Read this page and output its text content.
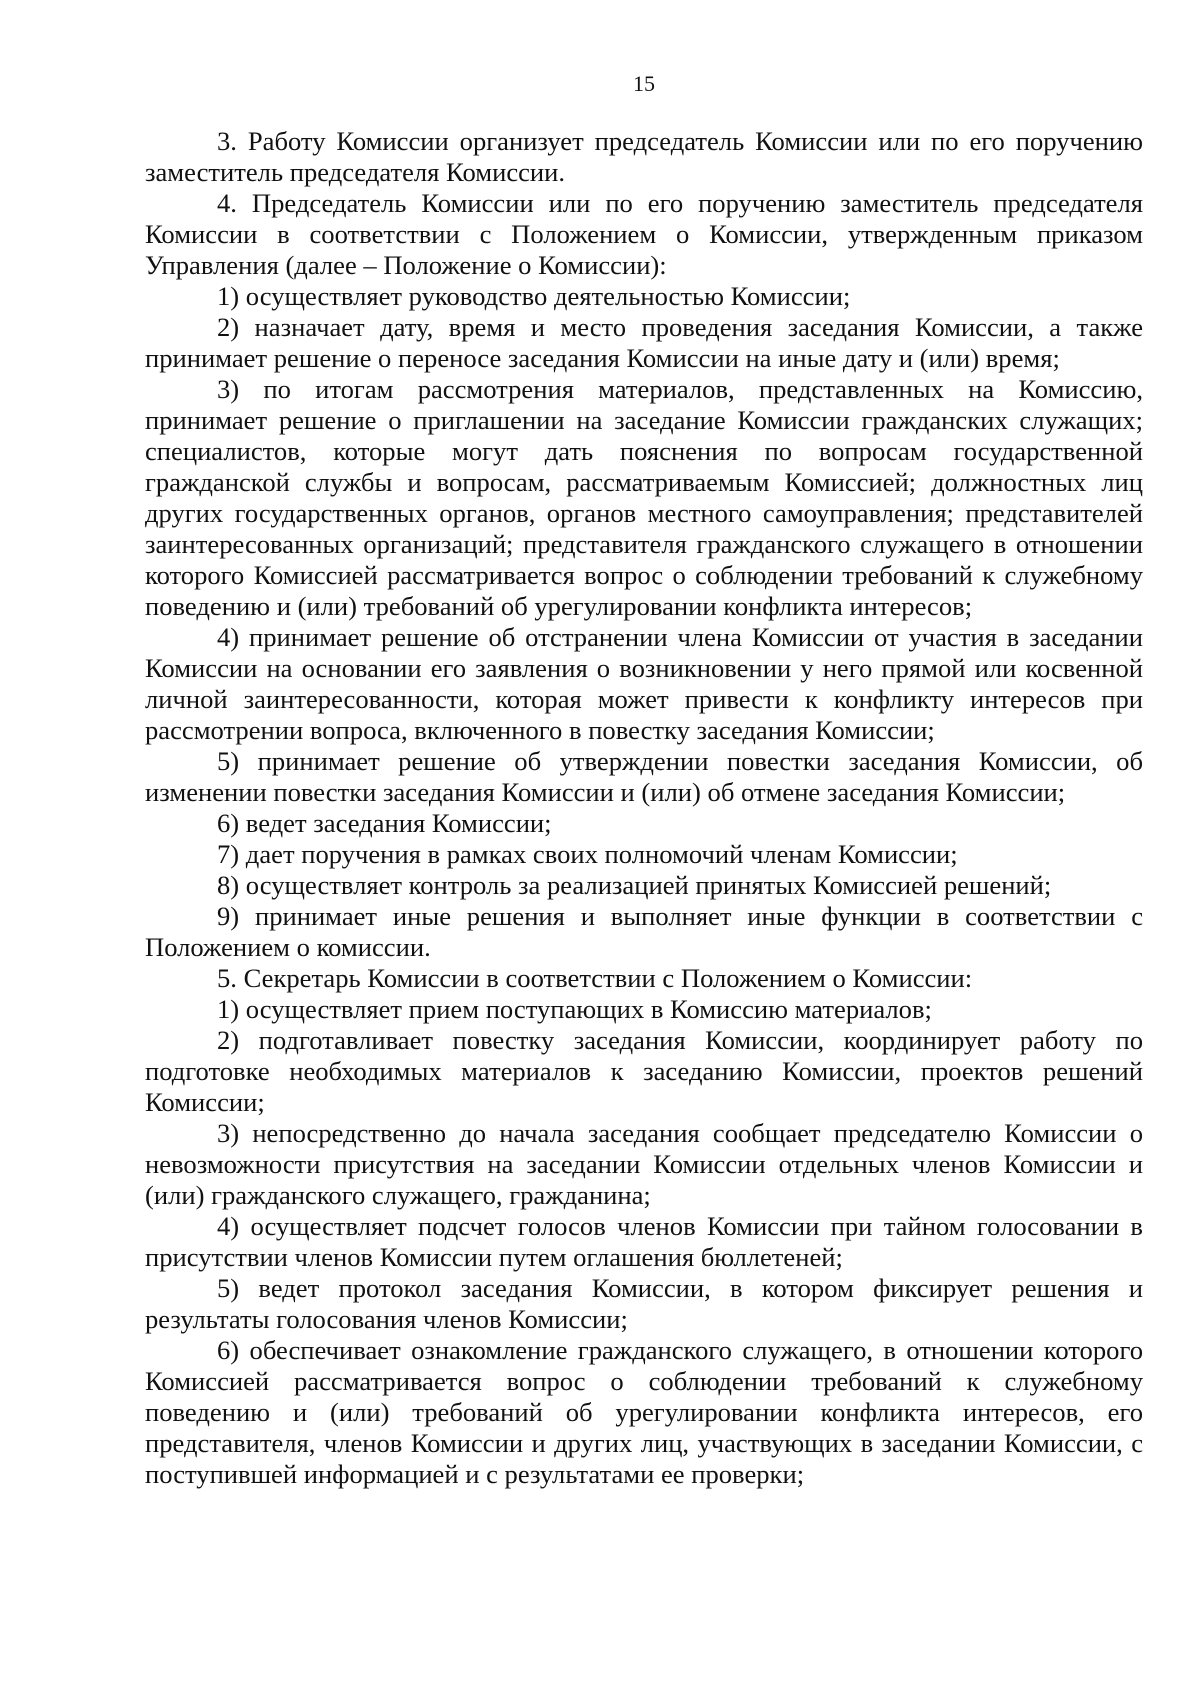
15

3. Работу Комиссии организует председатель Комиссии или по его поручению заместитель председателя Комиссии.

4. Председатель Комиссии или по его поручению заместитель председателя Комиссии в соответствии с Положением о Комиссии, утвержденным приказом Управления (далее – Положение о Комиссии):

1) осуществляет руководство деятельностью Комиссии;

2) назначает дату, время и место проведения заседания Комиссии, а также принимает решение о переносе заседания Комиссии на иные дату и (или) время;

3) по итогам рассмотрения материалов, представленных на Комиссию, принимает решение о приглашении на заседание Комиссии гражданских служащих; специалистов, которые могут дать пояснения по вопросам государственной гражданской службы и вопросам, рассматриваемым Комиссией; должностных лиц других государственных органов, органов местного самоуправления; представителей заинтересованных организаций; представителя гражданского служащего в отношении которого Комиссией рассматривается вопрос о соблюдении требований к служебному поведению и (или) требований об урегулировании конфликта интересов;

4) принимает решение об отстранении члена Комиссии от участия в заседании Комиссии на основании его заявления о возникновении у него прямой или косвенной личной заинтересованности, которая может привести к конфликту интересов при рассмотрении вопроса, включенного в повестку заседания Комиссии;

5) принимает решение об утверждении повестки заседания Комиссии, об изменении повестки заседания Комиссии и (или) об отмене заседания Комиссии;

6) ведет заседания Комиссии;

7) дает поручения в рамках своих полномочий членам Комиссии;

8) осуществляет контроль за реализацией принятых Комиссией решений;

9) принимает иные решения и выполняет иные функции в соответствии с Положением о комиссии.

5. Секретарь Комиссии в соответствии с Положением о Комиссии:

1) осуществляет прием поступающих в Комиссию материалов;

2) подготавливает повестку заседания Комиссии, координирует работу по подготовке необходимых материалов к заседанию Комиссии, проектов решений Комиссии;

3) непосредственно до начала заседания сообщает председателю Комиссии о невозможности присутствия на заседании Комиссии отдельных членов Комиссии и (или) гражданского служащего, гражданина;

4) осуществляет подсчет голосов членов Комиссии при тайном голосовании в присутствии членов Комиссии путем оглашения бюллетеней;

5) ведет протокол заседания Комиссии, в котором фиксирует решения и результаты голосования членов Комиссии;

6) обеспечивает ознакомление гражданского служащего, в отношении которого Комиссией рассматривается вопрос о соблюдении требований к служебному поведению и (или) требований об урегулировании конфликта интересов, его представителя, членов Комиссии и других лиц, участвующих в заседании Комиссии, с поступившей информацией и с результатами ее проверки;
